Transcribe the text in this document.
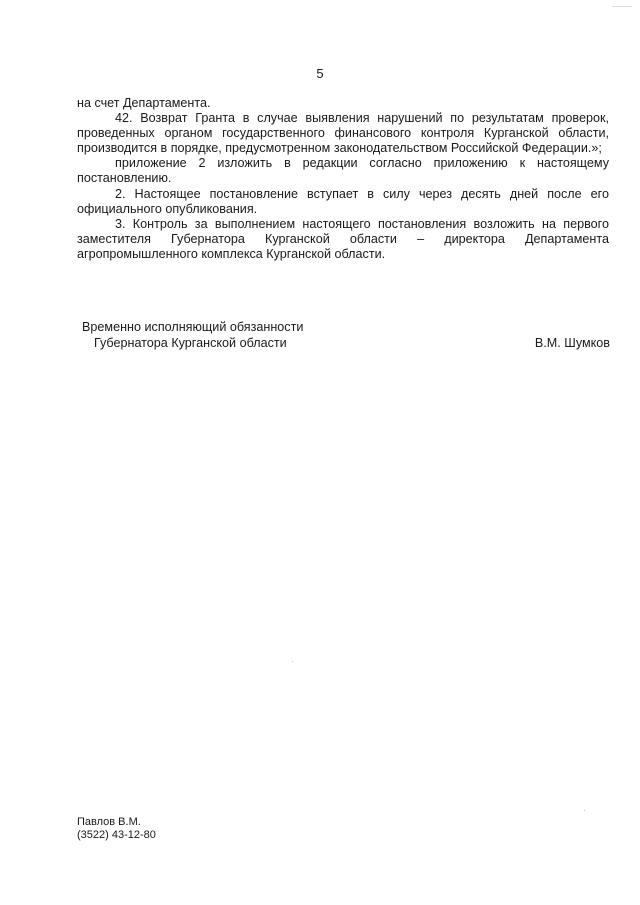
5

на счет Департамента.

42. Возврат Гранта в случае выявления нарушений по результатам проверок, проведенных органом государственного финансового контроля Курганской области, производится в порядке, предусмотренном законодательством Российской Федерации.»;

приложение 2 изложить в редакции согласно приложению к настоящему постановлению.

2. Настоящее постановление вступает в силу через десять дней после его официального опубликования.

3. Контроль за выполнением настоящего постановления возложить на первого заместителя Губернатора Курганской области – директора Департамента агропромышленного комплекса Курганской области.

Временно исполняющий обязанности
Губернатора Курганской области	В.М. Шумков
Павлов В.М.
(3522) 43-12-80
